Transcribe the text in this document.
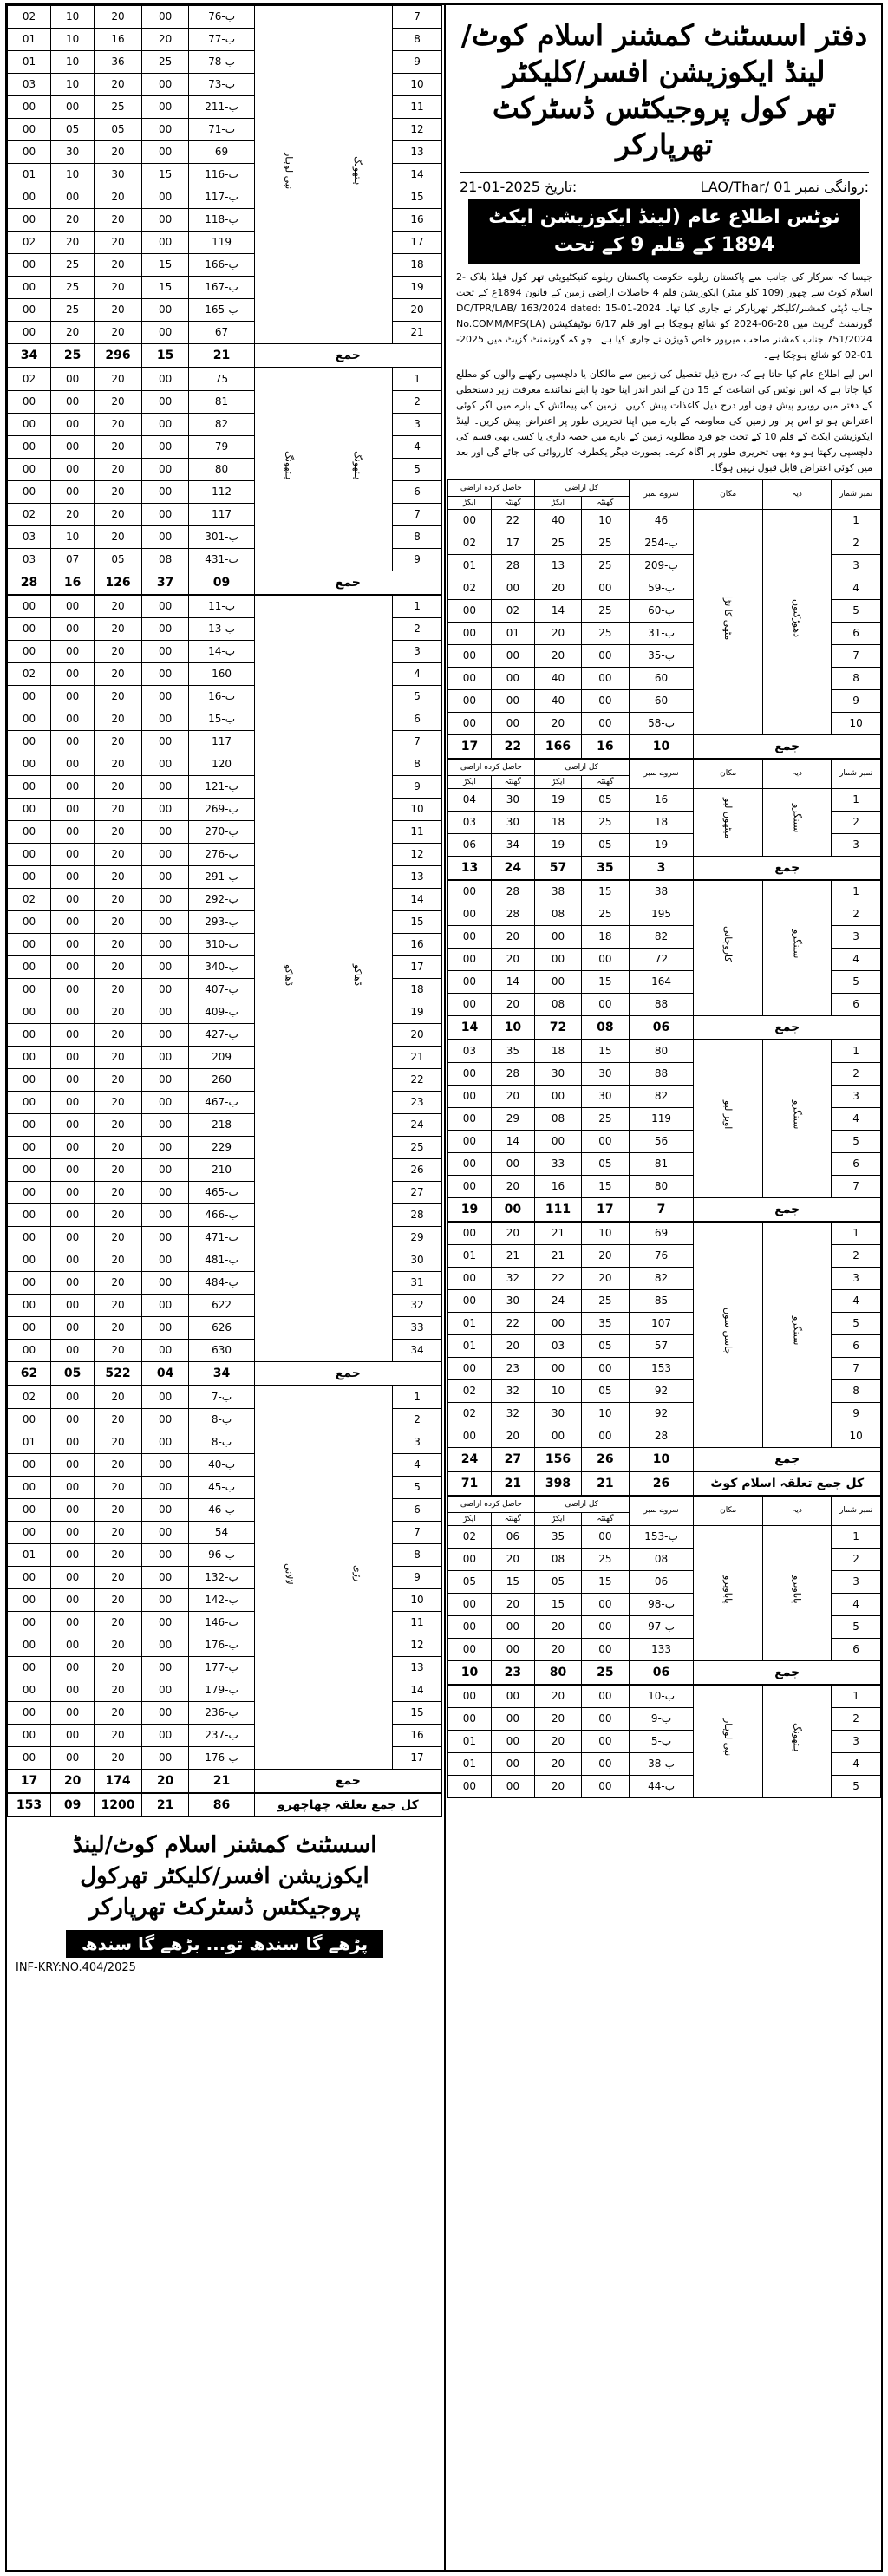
02	10	20	00	ب-76	نبی لوہار	ہتھونگ	7
01	10	16	20	ب-77			8
01	10	36	25	ب-78			9
03	10	20	00	ب-73			10
00	00	25	00	ب-211			11
00	05	05	00	ب-71			12
00	30	20	00	69			13
01	10	30	15	ب-116			14
00	00	20	00	ب-117			15
00	20	20	00	ب-118			16
02	20	20	00	119			17
00	25	20	15	ب-166			18
00	25	20	15	ب-167			19
00	25	20	00	ب-165			20
00	20	20	00	67			21
34	25	296	15	21	جمع		
02	00	20	00	75	ہتھونگ	ہتھونگ	1
00	00	20	00	81			2
00	00	20	00	82			3
00	00	20	00	79			4
00	00	20	00	80			5
00	00	20	00	112			6
02	20	20	00	117			7
03	10	20	00	ب-301			8
03	07	05	08	ب-431			9
28	16	126	37	09	جمع		
00	00	20	00	ب-11	ڈھاکو	ڈھاکو	1
00	00	20	00	ب-13			2
00	00	20	00	ب-14			3
02	00	20	00	160			4
00	00	20	00	ب-16			5
00	00	20	00	ب-15			6
00	00	20	00	117			7
00	00	20	00	120			8
00	00	20	00	ب-121			9
00	00	20	00	ب-269			10
00	00	20	00	ب-270			11
00	00	20	00	ب-276			12
00	00	20	00	ب-291			13
02	00	20	00	ب-292			14
00	00	20	00	ب-293			15
00	00	20	00	ب-310			16
00	00	20	00	ب-340			17
00	00	20	00	ب-407			18
00	00	20	00	ب-409			19
00	00	20	00	ب-427			20
00	00	20	00	209			21
00	00	20	00	260			22
00	00	20	00	ب-467			23
00	00	20	00	218			24
00	00	20	00	229			25
00	00	20	00	210			26
00	00	20	00	ب-465			27
00	00	20	00	ب-466			28
00	00	20	00	ب-471			29
00	00	20	00	ب-481			30
00	00	20	00	ب-484			31
00	00	20	00	622			32
00	00	20	00	626			33
00	00	20	00	630			34
62	05	522	04	34	جمع		
02	00	20	00	ب-7	لالانی	رڑی	1
00	00	20	00	ب-8			2
01	00	20	00	ب-8			3
00	00	20	00	ب-40			4
00	00	20	00	ب-45			5
00	00	20	00	ب-46			6
00	00	20	00	54			7
01	00	20	00	ب-96			8
00	00	20	00	ب-132			9
00	00	20	00	ب-142			10
00	00	20	00	ب-146			11
00	00	20	00	ب-176			12
00	00	20	00	ب-177			13
00	00	20	00	ب-179			14
00	00	20	00	ب-236			15
00	00	20	00	ب-237			16
00	00	20	00	ب-176			17
17	20	174	20	21	جمع		
153	09	1200	21	86	کل جمع تعلقہ چھاچھرو
دفتر اسسٹنٹ کمشنر اسلام کوٹ/
لینڈ ایکوزیشن افسر/کلیکٹر
تھر کول پروجیکٹس ڈسٹرکٹ
تھرپارکر
21-01-2025 تاریخ:	LAO/Thar/ 01 روانگی نمبر:
نوٹس اطلاع عام (لینڈ ایکوزیشن ایکٹ 1894 کے قلم 9 کے تحت
جیسا کہ سرکار کی جانب سے پاکستان ریلوے حکومت پاکستان ریلوے کنیکٹیویٹی تھر کول فیلڈ بلاک -2 اسلام کوٹ سے چھور (109 کلو میٹر) ایکوزیشن قلم 4 حاصلات اراضی زمین کے قانون 1894ع کے تحت جناب ڈپٹی کمشنر/کلیکٹر تھرپارکر نے جاری کیا تھا۔ DC/TPR/LAB/ 163/2024 dated: 15-01-2024 گورنمنٹ گزیٹ میں 28-06-2024 کو شائع ہوچکا ہے اور قلم 6/17 نوٹیفکیشن No.COMM/MPS(LA) 751/2024 جناب کمشنر صاحب میرپور خاص ڈویژن نے جاری کیا ہے۔ جو کہ گورنمنٹ گزیٹ میں 2025-01-02 کو شائع ہوچکا ہے۔
اس لیے اطلاع عام کیا جاتا ہے کہ درج ذیل تفصیل کی زمین سے مالکان یا دلچسپی رکھنے والوں کو مطلع کیا جاتا ہے کہ اس نوٹس کی اشاعت کے 15 دن کے اندر اندر اپنا خود یا اپنے نمائندے معرفت زیر دستخطی کے دفتر میں روبرو پیش ہوں اور درج ذیل کاغذات پیش کریں۔ زمین کی پیمائش کے بارے میں اگر کوئی اعتراض ہو تو اس پر اور زمین کی معاوضہ کے بارے میں اپنا تحریری طور پر اعتراض پیش کریں۔ لینڈ ایکوزیشن ایکٹ کے قلم 10 کے تحت جو فرد مطلوبہ زمین کے بارے میں حصہ داری یا کسی بھی قسم کی دلچسپی رکھتا ہو وہ بھی تحریری طور پر آگاہ کرے۔ بصورت دیگر یکطرفہ کارروائی کی جائے گی اور بعد میں کوئی اعتراض قابل قبول نہیں ہوگا۔
حاصل کرده اراضی		کل اراضی		سروے نمبر	مکان	دیہ	نمبر شمار
ایکڑ	گھنٹہ	ایکڑ	گھنٹہ				
00	22	40	10	46	مٹھی کا تڑا	دھوڑکیوں	1
02	17	25	25	ب-254			2
01	28	13	25	ب-209			3
02	00	20	00	ب-59			4
00	02	14	25	ب-60			5
00	01	20	25	ب-31			6
00	00	20	00	ب-35			7
00	00	40	00	60			8
00	00	40	00	60			9
00	00	20	00	ب-58			10
17	22	166	16	10	جمع		
حاصل کرده اراضی		کل اراضی		سروے نمبر	مکان	دیہ	نمبر شمار
ایکڑ	گھنٹہ	ایکڑ	گھنٹہ				
04	30	19	05	16	میٹھوں لبو	سینگرو	1
03	30	18	25	18			2
06	34	19	05	19			3
13	24	57	35	3	جمع		
00	28	38	15	38	کاروجانی	سینگرو	1
00	28	08	25	195			2
00	20	00	18	82			3
00	20	00	00	72			4
00	14	00	15	164			5
00	20	08	00	88			6
14	10	72	08	06	جمع		
03	35	18	15	80	اویز لبو	سینگرو	1
00	28	30	30	88			2
00	20	00	30	82			3
00	29	08	25	119			4
00	14	00	00	56			5
00	00	33	05	81			6
00	20	16	15	80			7
19	00	111	17	7	جمع		
00	20	21	10	69	جاسن سوں	سینگرو	1
01	21	21	20	76			2
00	32	22	20	82			3
00	30	24	25	85			4
01	22	00	35	107			5
01	20	03	05	57			6
00	23	00	00	153			7
02	32	10	05	92			8
02	32	30	10	92			9
00	20	00	00	28			10
24	27	156	26	10	جمع		
71	21	398	21	26	کل جمع تعلقہ اسلام کوٹ
حاصل کرده اراضی		کل اراضی		سروے نمبر	مکان	دیہ	نمبر شمار
ایکڑ	گھنٹہ	ایکڑ	گھنٹہ				
02	06	35	00	ب-153	پاباویرو	پاباویرو	1
00	20	08	25	08			2
05	15	05	15	06			3
00	20	15	00	ب-98			4
00	00	20	00	ب-97			5
00	00	20	00	133			6
10	23	80	25	06	جمع		
00	00	20	00	ب-10	نبی لوہار	ہتھونگ	1
00	00	20	00	ب-9			2
01	00	20	00	ب-5			3
01	00	20	00	ب-38			4
00	00	20	00	ب-44			5
اسسٹنٹ کمشنر اسلام کوٹ/لینڈ
ایکوزیشن افسر/کلیکٹر تھرکول
پروجیکٹس ڈسٹرکٹ تھرپارکر
پڑھے گا سندھ تو... بڑھے گا سندھ
INF-KRY:NO.404/2025
